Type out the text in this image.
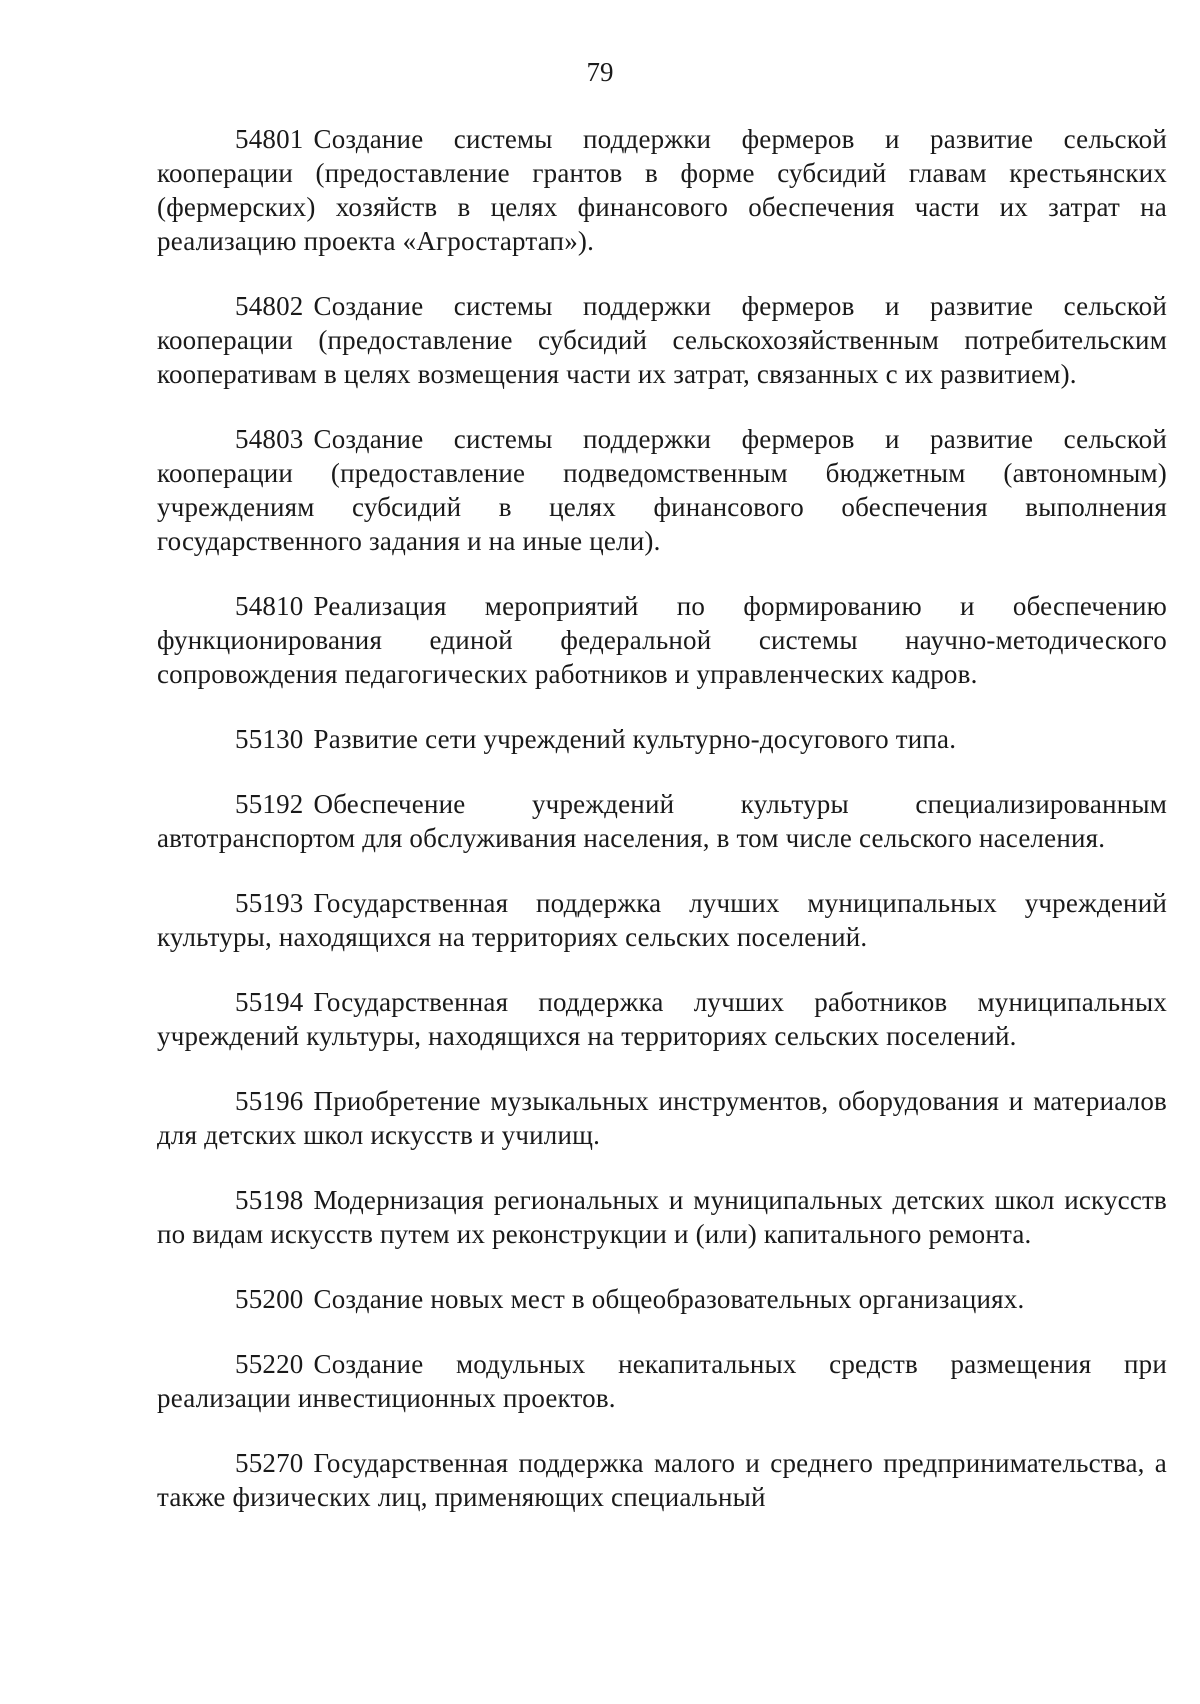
79

54801 Создание системы поддержки фермеров и развитие сельской кооперации (предоставление грантов в форме субсидий главам крестьянских (фермерских) хозяйств в целях финансового обеспечения части их затрат на реализацию проекта «Агростартап»).

54802 Создание системы поддержки фермеров и развитие сельской кооперации (предоставление субсидий сельскохозяйственным потребительским кооперативам в целях возмещения части их затрат, связанных с их развитием).

54803 Создание системы поддержки фермеров и развитие сельской кооперации (предоставление подведомственным бюджетным (автономным) учреждениям субсидий в целях финансового обеспечения выполнения государственного задания и на иные цели).

54810 Реализация мероприятий по формированию и обеспечению функционирования единой федеральной системы научно-методического сопровождения педагогических работников и управленческих кадров.

55130 Развитие сети учреждений культурно-досугового типа.

55192 Обеспечение учреждений культуры специализированным автотранспортом для обслуживания населения, в том числе сельского населения.

55193 Государственная поддержка лучших муниципальных учреждений культуры, находящихся на территориях сельских поселений.

55194 Государственная поддержка лучших работников муниципальных учреждений культуры, находящихся на территориях сельских поселений.

55196 Приобретение музыкальных инструментов, оборудования и материалов для детских школ искусств и училищ.

55198 Модернизация региональных и муниципальных детских школ искусств по видам искусств путем их реконструкции и (или) капитального ремонта.

55200 Создание новых мест в общеобразовательных организациях.

55220 Создание модульных некапитальных средств размещения при реализации инвестиционных проектов.

55270 Государственная поддержка малого и среднего предпринимательства, а также физических лиц, применяющих специальный
